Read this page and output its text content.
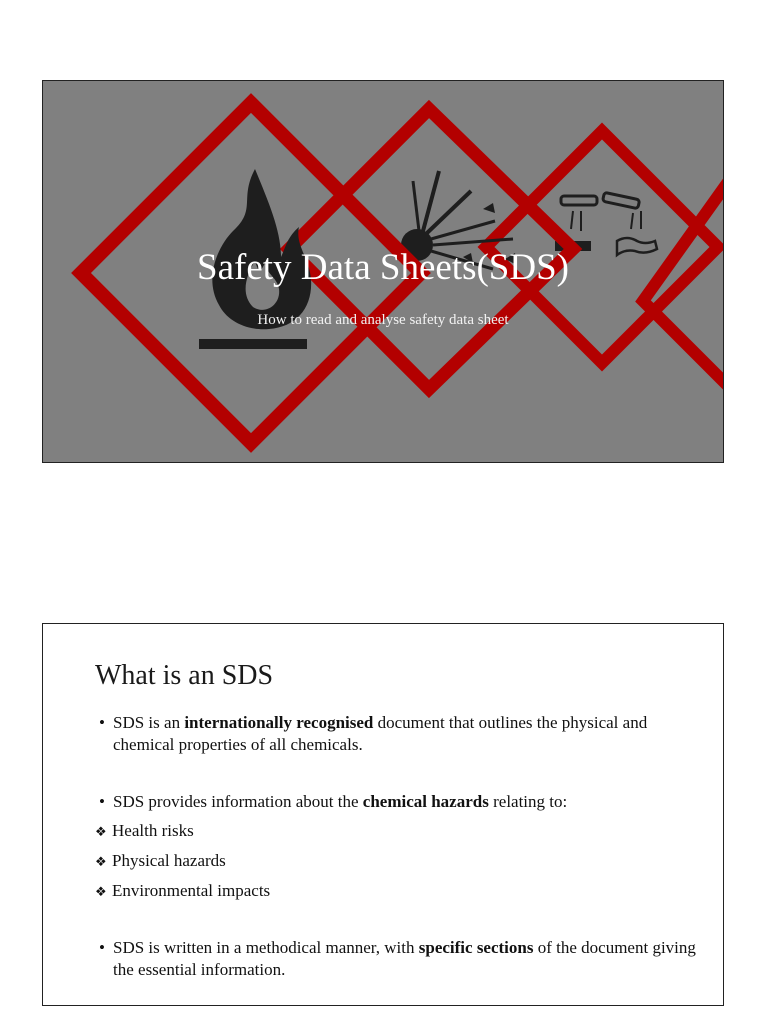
Safety Data Sheets(SDS)
How to read and analyse safety data sheet
What is an SDS
• SDS is an internationally recognised document that outlines the physical and chemical properties of all chemicals.
• SDS provides information about the chemical hazards relating to:
❖ Health risks
❖ Physical hazards
❖ Environmental impacts
• SDS is written in a methodical manner, with specific sections of the document giving the essential information.
